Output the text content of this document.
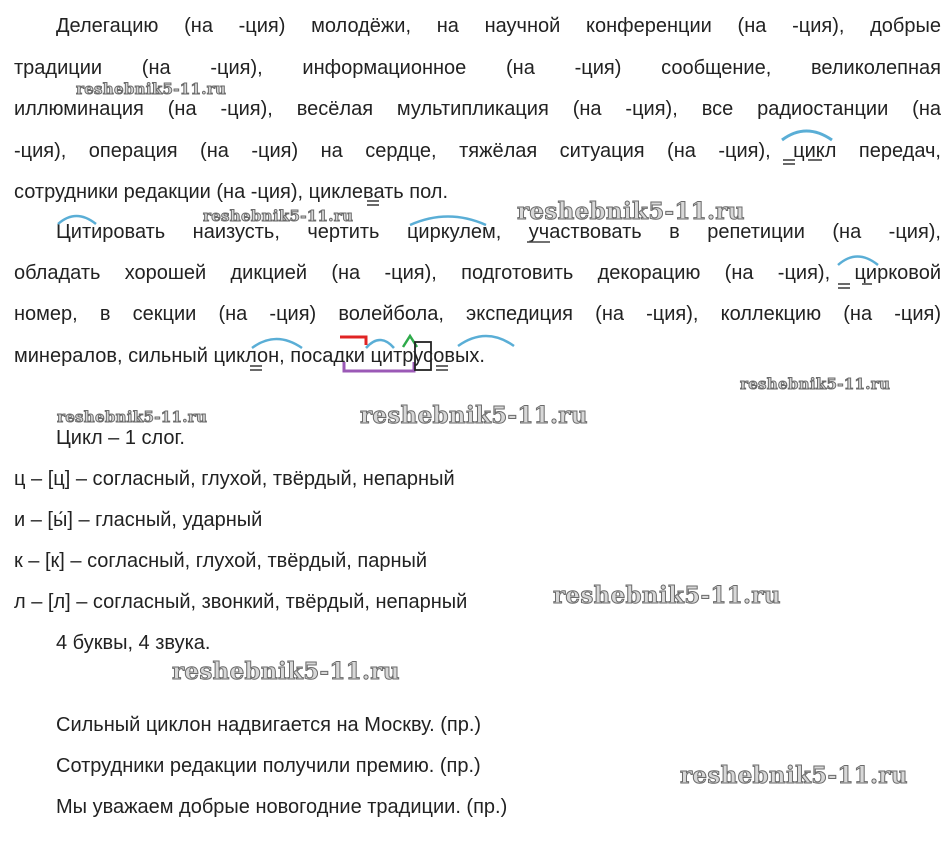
Делегацию (на -ция) молодёжи, на научной конференции (на -ция), добрые
традиции (на -ция), информационное (на -ция) сообщение, великолепная
иллюминация (на -ция), весёлая мультипликация (на -ция), все радиостанции (на
-ция), операция (на -ция) на сердце, тяжёлая ситуация (на -ция), цикл передач,
сотрудники редакции (на -ция), циклевать пол.
Цитировать наизусть, чертить циркулем, участвовать в репетиции (на -ция),
обладать хорошей дикцией (на -ция), подготовить декорацию (на -ция), цирковой
номер, в секции (на -ция) волейбола, экспедиция (на -ция), коллекцию (на -ция)
минералов, сильный циклон, посадки цитрусовых.
Цикл – 1 слог.
ц – [ц] – согласный, глухой, твёрдый, непарный
и – [ы́] – гласный, ударный
к – [к] – согласный, глухой, твёрдый, парный
л – [л] – согласный, звонкий, твёрдый, непарный
4 буквы, 4 звука.
Сильный циклон надвигается на Москву. (пр.)
Сотрудники редакции получили премию. (пр.)
Мы уважаем добрые новогодние традиции. (пр.)
reshebnik5-11.ru
reshebnik5-11.ru	reshebnik5-11.ru
reshebnik5-11.ru
reshebnik5-11.ru	reshebnik5-11.ru
reshebnik5-11.ru
reshebnik5-11.ru
reshebnik5-11.ru
